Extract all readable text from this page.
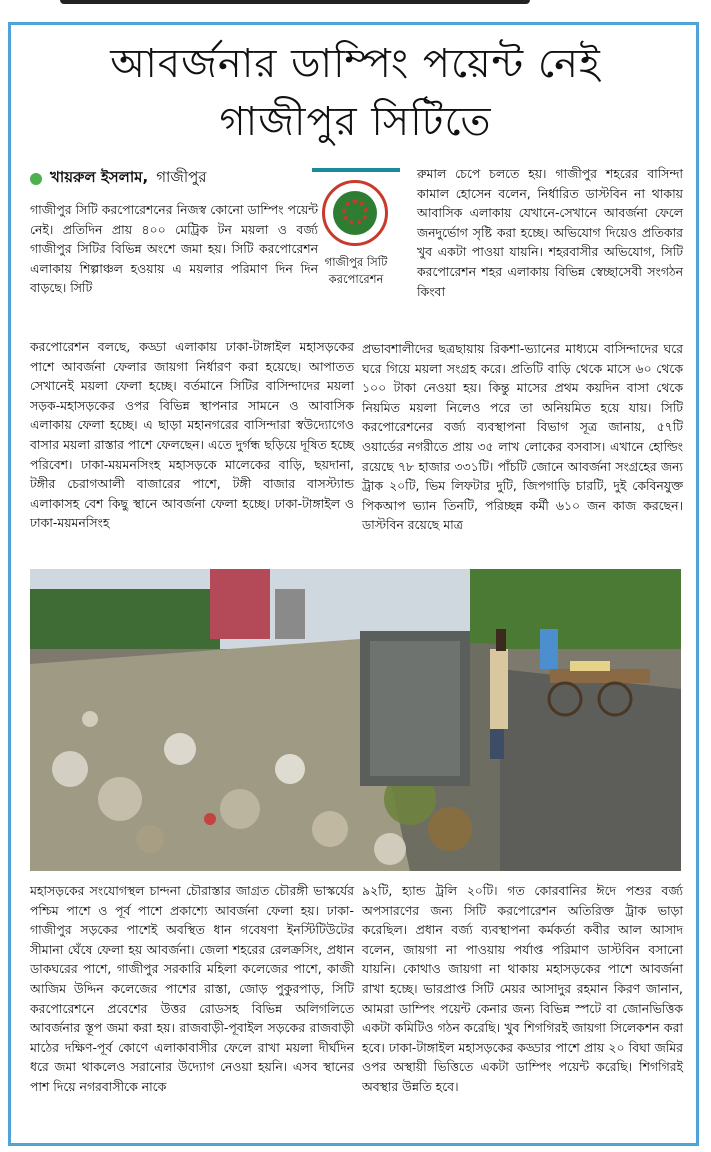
আবর্জনার ডাম্পিং পয়েন্ট নেই
গাজীপুর সিটিতে
খায়রুল ইসলাম, গাজীপুর

গাজীপুর সিটি করপোরেশনের নিজস্ব কোনো ডাম্পিং পয়েন্ট নেই। প্রতিদিন প্রায় ৪০০ মেট্রিক টন ময়লা ও বর্জ্য গাজীপুর সিটির বিভিন্ন অংশে জমা হয়। সিটি করপোরেশন এলাকায় শিল্পাঞ্চল হওয়ায় এ ময়লার পরিমাণ দিন দিন বাড়ছে। সিটি

গাজীপুর সিটি করপোরেশন

রুমাল চেপে চলতে হয়। গাজীপুর শহরের বাসিন্দা কামাল হোসেন বলেন, নির্ধারিত ডাস্টবিন না থাকায় আবাসিক এলাকায় যেখানে-সেখানে আবর্জনা ফেলে জনদুর্ভোগ সৃষ্টি করা হচ্ছে। অভিযোগ দিয়েও প্রতিকার খুব একটা পাওয়া যায়নি। শহরবাসীর অভিযোগ, সিটি করপোরেশন শহর এলাকায় বিভিন্ন স্বেচ্ছাসেবী সংগঠন কিংবা

করপোরেশন বলছে, কড্ডা এলাকায় ঢাকা-টাঙ্গাইল মহাসড়কের পাশে আবর্জনা ফেলার জায়গা নির্ধারণ করা হয়েছে। আপাতত সেখানেই ময়লা ফেলা হচ্ছে। বর্তমানে সিটির বাসিন্দাদের ময়লা সড়ক-মহাসড়কের ওপর বিভিন্ন স্থাপনার সামনে ও আবাসিক এলাকায় ফেলা হচ্ছে। এ ছাড়া মহানগরের বাসিন্দারা স্বউদ্যোগেও বাসার ময়লা রাস্তার পাশে ফেলছেন। এতে দুর্গন্ধ ছড়িয়ে দূষিত হচ্ছে পরিবেশ। ঢাকা-ময়মনসিংহ মহাসড়কে মালেকের বাড়ি, ছয়দানা, টঙ্গীর চেরাগআলী বাজারের পাশে, টঙ্গী বাজার বাসস্ট্যান্ড এলাকাসহ বেশ কিছু স্থানে আবর্জনা ফেলা হচ্ছে। ঢাকা-টাঙ্গাইল ও ঢাকা-ময়মনসিংহ

প্রভাবশালীদের ছত্রছায়ায় রিকশা-ভ্যানের মাধ্যমে বাসিন্দাদের ঘরে ঘরে গিয়ে ময়লা সংগ্রহ করে। প্রতিটি বাড়ি থেকে মাসে ৬০ থেকে ১০০ টাকা নেওয়া হয়। কিন্তু মাসের প্রথম কয়দিন বাসা থেকে নিয়মিত ময়লা নিলেও পরে তা অনিয়মিত হয়ে যায়। সিটি করপোরেশনের বর্জ্য ব্যবস্থাপনা বিভাগ সূত্র জানায়, ৫৭টি ওয়ার্ডের নগরীতে প্রায় ৩৫ লাখ লোকের বসবাস। এখানে হোল্ডিং রয়েছে ৭৮ হাজার ৩৩১টি। পাঁচটি জোনে আবর্জনা সংগ্রহের জন্য ট্রাক ২০টি, ভিম লিফটার দুটি, জিপগাড়ি চারটি, দুই কেবিনযুক্ত পিকআপ ভ্যান তিনটি, পরিচ্ছন্ন কর্মী ৬১০ জন কাজ করছেন। ডাস্টবিন রয়েছে মাত্র

মহাসড়কের সংযোগস্থল চান্দনা চৌরাস্তার জাগ্রত চৌরঙ্গী ভাস্কর্যের পশ্চিম পাশে ও পূর্ব পাশে প্রকাশ্যে আবর্জনা ফেলা হয়। ঢাকা-গাজীপুর সড়কের পাশেই অবস্থিত ধান গবেষণা ইনস্টিটিউটের সীমানা ঘেঁষে ফেলা হয় আবর্জনা। জেলা শহরের রেলক্রসিং, প্রধান ডাকঘরের পাশে, গাজীপুর সরকারি মহিলা কলেজের পাশে, কাজী আজিম উদ্দিন কলেজের পাশের রাস্তা, জোড় পুকুরপাড়, সিটি করপোরেশনে প্রবেশের উত্তর রোডসহ বিভিন্ন অলিগলিতে আবর্জনার স্তূপ জমা করা হয়। রাজবাড়ী-পূবাইল সড়কের রাজবাড়ী মাঠের দক্ষিণ-পূর্ব কোণে এলাকাবাসীর ফেলে রাখা ময়লা দীর্ঘদিন ধরে জমা থাকলেও সরানোর উদ্যোগ নেওয়া হয়নি। এসব স্থানের পাশ দিয়ে নগরবাসীকে নাকে

৯২টি, হ্যান্ড ট্রলি ২০টি। গত কোরবানির ঈদে পশুর বর্জ্য অপসারণের জন্য সিটি করপোরেশন অতিরিক্ত ট্রাক ভাড়া করেছিল। প্রধান বর্জ্য ব্যবস্থাপনা কর্মকর্তা কবীর আল আসাদ বলেন, জায়গা না পাওয়ায় পর্যাপ্ত পরিমাণ ডাস্টবিন বসানো যায়নি। কোথাও জায়গা না থাকায় মহাসড়কের পাশে আবর্জনা রাখা হচ্ছে। ভারপ্রাপ্ত সিটি মেয়র আসাদুর রহমান কিরণ জানান, আমরা ডাম্পিং পয়েন্ট কেনার জন্য বিভিন্ন স্পটে বা জোনভিত্তিক একটা কমিটিও গঠন করেছি। খুব শিগগিরই জায়গা সিলেকশন করা হবে। ঢাকা-টাঙ্গাইল মহাসড়কের কড্ডার পাশে প্রায় ২০ বিঘা জমির ওপর অস্থায়ী ভিত্তিতে একটা ডাম্পিং পয়েন্ট করেছি। শিগগিরই অবস্থার উন্নতি হবে।
